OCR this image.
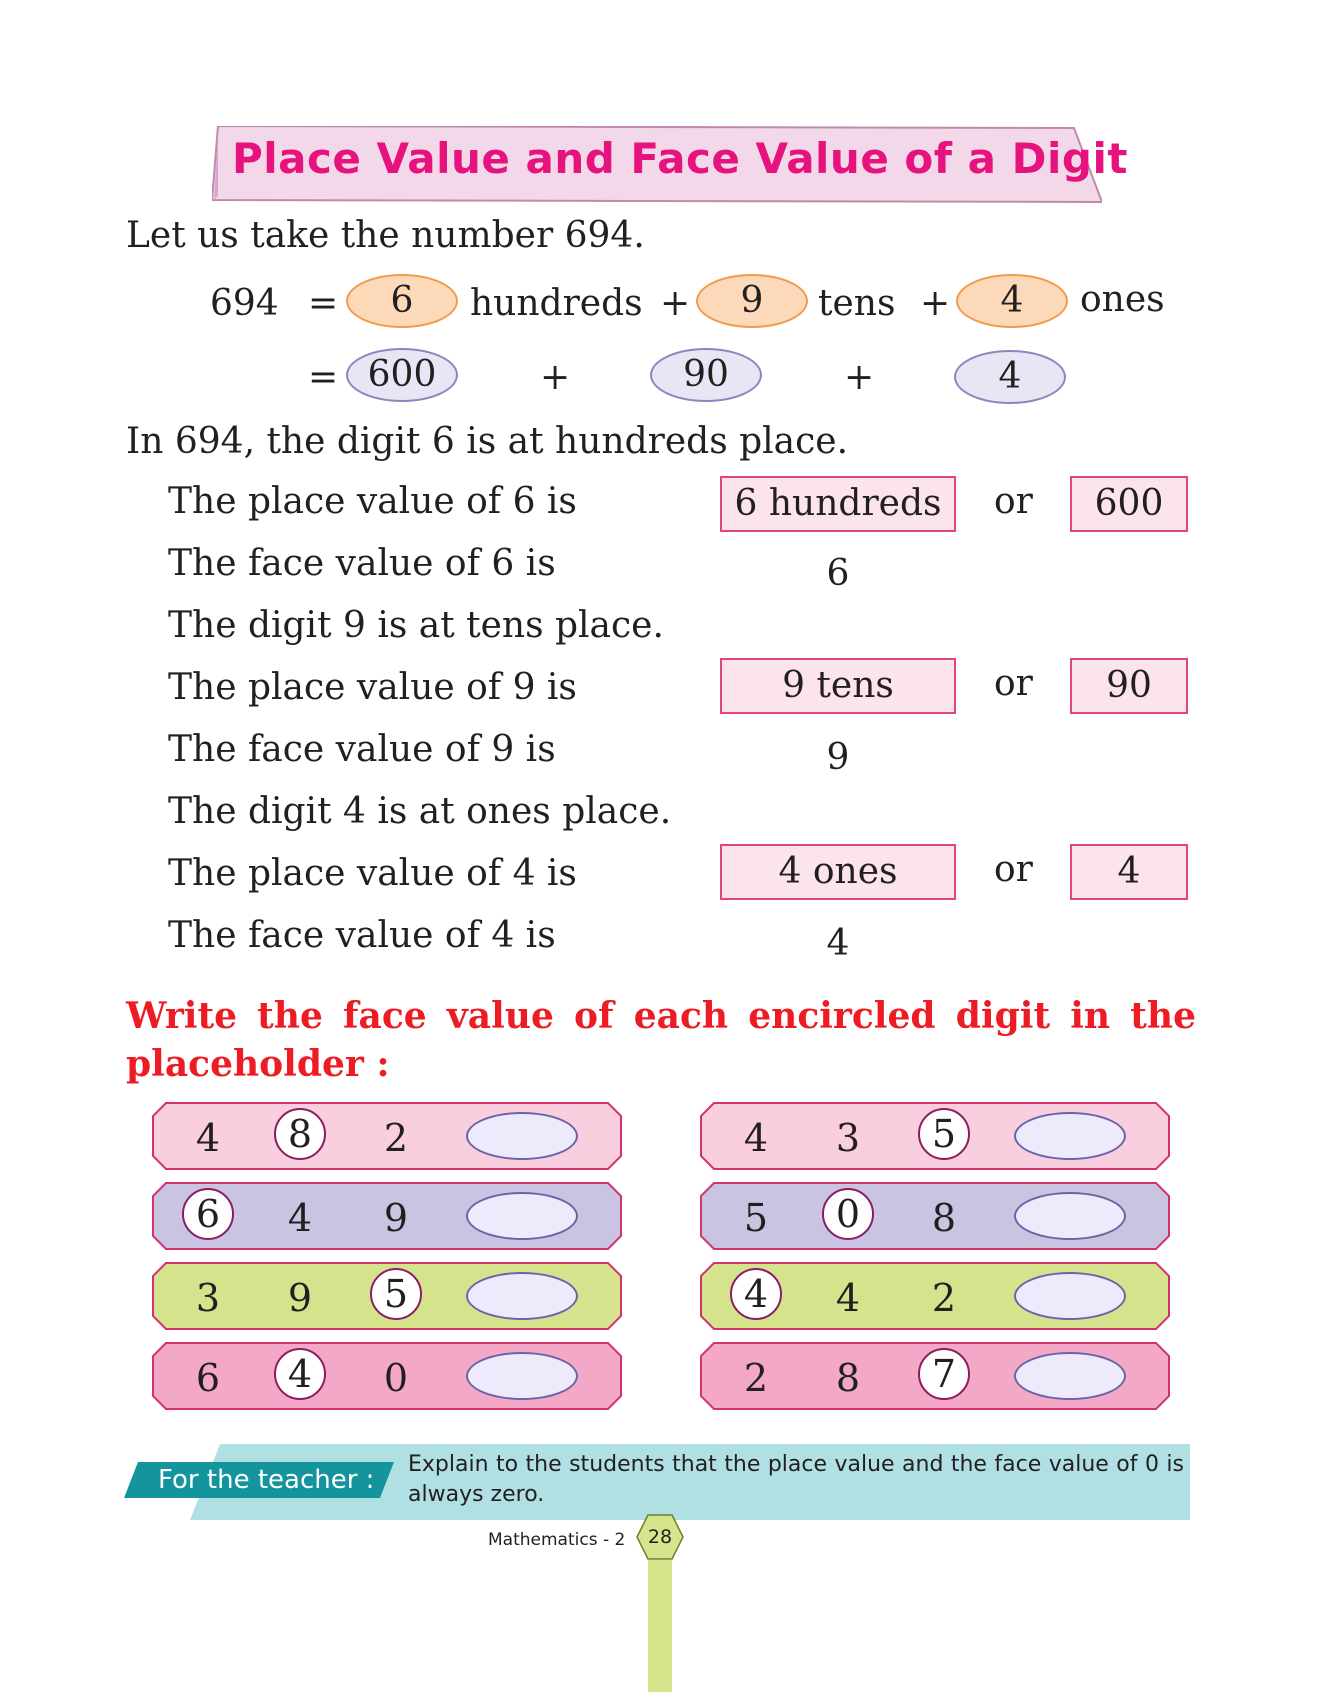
Place Value and Face Value of a Digit
Let us take the number 694.
694 =	6	hundreds +	9	tens +	4	ones
= 600	+	90	+	4
In 694, the digit 6 is at hundreds place.
The place value of 6 is	6 hundreds	or	600
The face value of 6 is	6
The digit 9 is at tens place.
The place value of 9 is	9 tens	or	90
The face value of 9 is	9
The digit 4 is at ones place.
The place value of 4 is	4 ones	or	4
The face value of 4 is	4
Write the face value of each encircled digit in the
placeholder :
4	8	2
6	4	9
3	9	5
6	4	0
4	3	5
5	0	8
4	4	2
2	8	7
For the teacher :
Explain to the students that the place value and the face value of 0 is always zero.
Mathematics - 2	28
